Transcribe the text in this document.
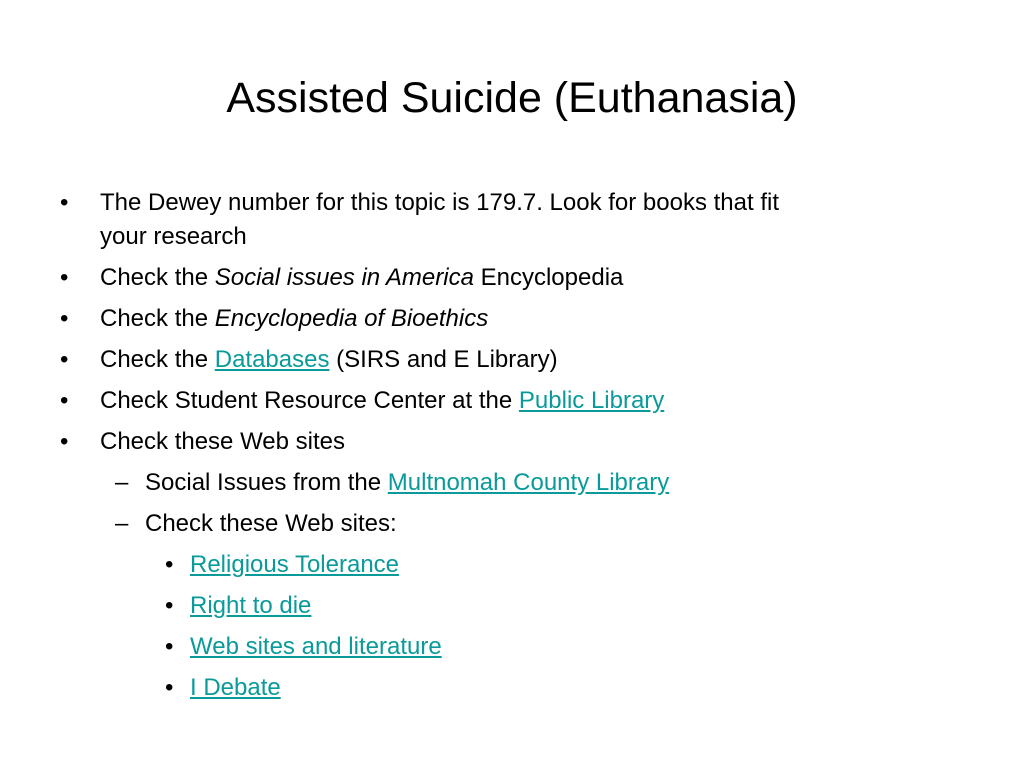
Assisted Suicide (Euthanasia)
• The Dewey number for this topic is 179.7. Look for books that fit
your research
• Check the Social issues in America Encyclopedia
• Check the Encyclopedia of Bioethics
• Check the Databases (SIRS and E Library)
• Check Student Resource Center at the Public Library
• Check these Web sites
– Social Issues from the Multnomah County Library
– Check these Web sites:
• Religious Tolerance
• Right to die
• Web sites and literature
• I Debate
